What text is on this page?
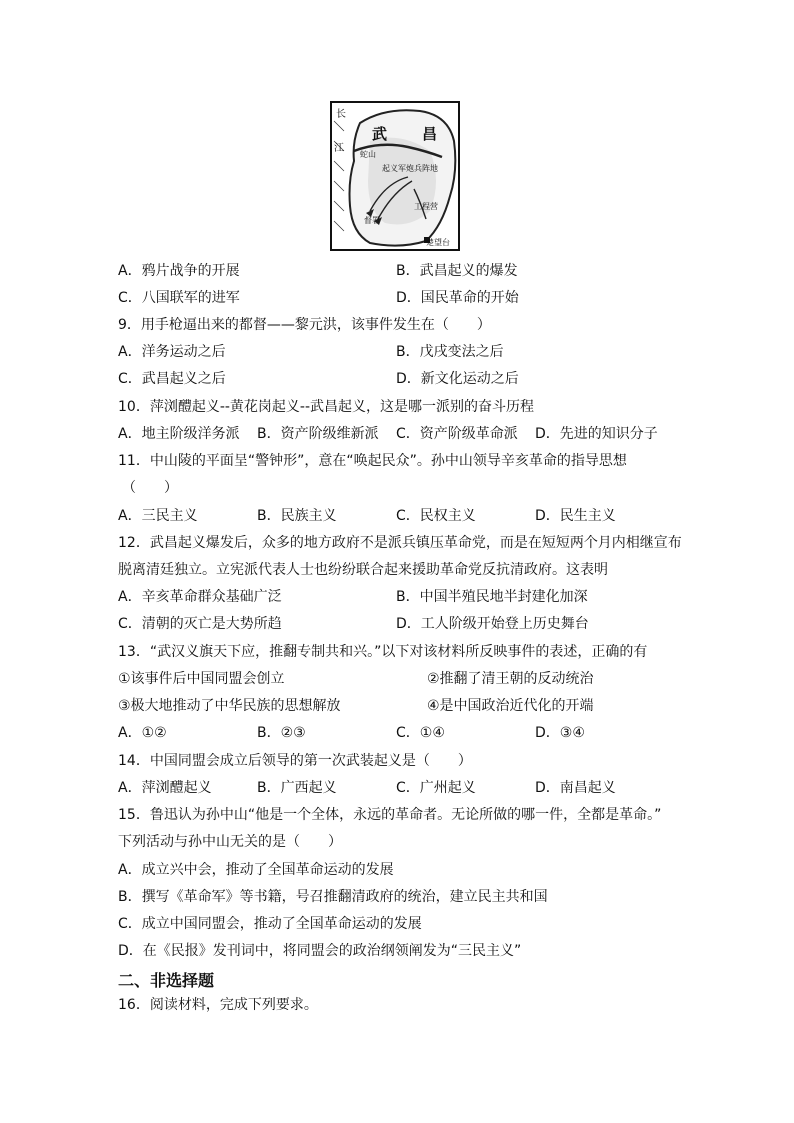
长
江
武 昌
蛇山
起义军炮兵阵地
工程营
督署
楚望台
A．鸦片战争的开展	B．武昌起义的爆发
C．八国联军的进军	D．国民革命的开始
9．用手枪逼出来的都督——黎元洪，该事件发生在（　　）
A．洋务运动之后	B．戊戌变法之后
C．武昌起义之后	D．新文化运动之后
10．萍浏醴起义--黄花岗起义--武昌起义，这是哪一派别的奋斗历程
A．地主阶级洋务派 B．资产阶级维新派 C．资产阶级革命派 D．先进的知识分子
11．中山陵的平面呈“警钟形”，意在“唤起民众”。孙中山领导辛亥革命的指导思想
（　　）
A．三民主义	B．民族主义	C．民权主义	D．民生主义
12．武昌起义爆发后，众多的地方政府不是派兵镇压革命党，而是在短短两个月内相继宣布
脱离清廷独立。立宪派代表人士也纷纷联合起来援助革命党反抗清政府。这表明
A．辛亥革命群众基础广泛	B．中国半殖民地半封建化加深
C．清朝的灭亡是大势所趋	D．工人阶级开始登上历史舞台
13．“武汉义旗天下应，推翻专制共和兴。”以下对该材料所反映事件的表述，正确的有
①该事件后中国同盟会创立	②推翻了清王朝的反动统治
③极大地推动了中华民族的思想解放	④是中国政治近代化的开端
A．①②	B．②③	C．①④	D．③④
14．中国同盟会成立后领导的第一次武装起义是（　　）
A．萍浏醴起义	B．广西起义	C．广州起义	D．南昌起义
15．鲁迅认为孙中山“他是一个全体，永远的革命者。无论所做的哪一件，全都是革命。”
下列活动与孙中山无关的是（　　）
A．成立兴中会，推动了全国革命运动的发展
B．撰写《革命军》等书籍，号召推翻清政府的统治，建立民主共和国
C．成立中国同盟会，推动了全国革命运动的发展
D．在《民报》发刊词中，将同盟会的政治纲领阐发为“三民主义”
二、非选择题
16．阅读材料，完成下列要求。
